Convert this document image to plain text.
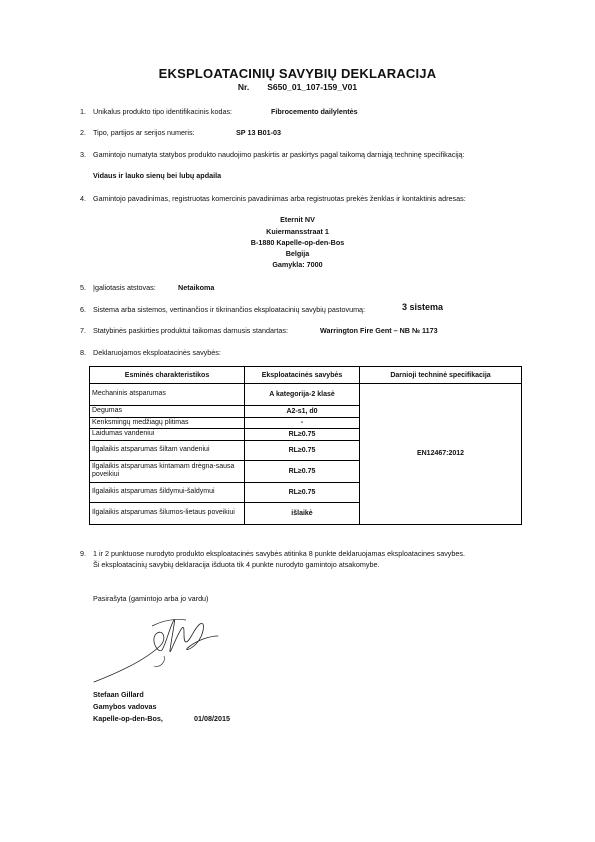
EKSPLOATACINIŲ SAVYBIŲ DEKLARACIJA
Nr. S650_01_107-159_V01
1. Unikalus produkto tipo identifikacinis kodas:	Fibrocemento dailylentės
2. Tipo, partijos ar serijos numeris:	SP 13 B01-03
3. Gamintojo numatyta statybos produkto naudojimo paskirtis ar paskirtys pagal taikomą darniąją techninę specifikaciją:
Vidaus ir lauko sienų bei lubų apdaila
4. Gamintojo pavadinimas, registruotas komercinis pavadinimas arba registruotas prekės ženklas ir kontaktinis adresas:
Eternit NV
Kuiermansstraat 1
B-1880 Kapelle-op-den-Bos
Belgija
Gamykla: 7000
5. Įgaliotasis atstovas:	Netaikoma
6. Sistema arba sistemos, vertinančios ir tikrinančios eksploatacinių savybių pastovumą:	3 sistema
7. Statybinės paskirties produktui taikomas darnusis standartas:	Warrington Fire Gent – NB № 1173
8. Deklaruojamos eksploatacinės savybės:
Esminės charakteristikos	Eksploatacinės savybės	Darnioji techninė specifikacija
Mechaninis atsparumas	A kategorija-2 klasė	EN12467:2012
Degumas	A2-s1, d0	
Kenksmingų medžiagų plitimas	-	
Laidumas vandeniui	RL≥0.75	
Ilgalaikis atsparumas šiltam vandeniui	RL≥0.75	
Ilgalaikis atsparumas kintamam drėgna-sausa poveikiui	RL≥0.75	
Ilgalaikis atsparumas šildymui-šaldymui	RL≥0.75	
Ilgalaikis atsparumas šilumos-lietaus poveikiui	išlaikė	
9. 1 ir 2 punktuose nurodyto produkto eksploatacinės savybės atitinka 8 punkte deklaruojamas eksploatacines savybes.
Ši eksploatacinių savybių deklaracija išduota tik 4 punkte nurodyto gamintojo atsakomybe.
Pasirašyta (gamintojo arba jo vardu)
Stefaan Gillard
Gamybos vadovas
Kapelle-op-den-Bos,	01/08/2015
